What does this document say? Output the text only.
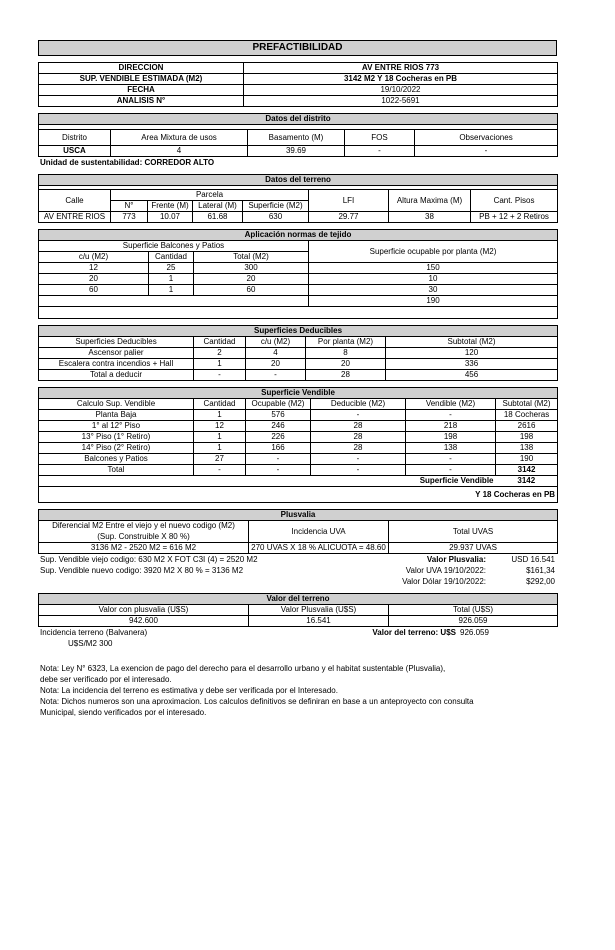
PREFACTIBILIDAD
DIRECCION	AV ENTRE RIOS 773
SUP. VENDIBLE ESTIMADA (M2)	3142 M2 Y 18 Cocheras en PB
FECHA	19/10/2022
ANALISIS N°	1022-5691
Datos del distrito				

Distrito	Area Mixtura de usos	Basamento (M)	FOS	Observaciones
USCA	4	39.69	-	-
Unidad de sustentabilidad: CORREDOR ALTO
Datos del terreno							

Calle	Parcela				LFI	Altura Maxima (M)	Cant. Pisos
	N°	Frente (M)	Lateral (M)	Superficie (M2)			
AV ENTRE RIOS	773	10.07	61.68	630	29.77	38	PB + 12 + 2 Retiros
Aplicación normas de tejido			
Superficie Balcones y Patios			Superficie ocupable por planta (M2)
c/u (M2)	Cantidad	Total (M2)	
12	25	300	150
20	1	20	10
60	1	60	30
			190

Superficies Deducibles				
Superficies Deducibles	Cantidad	c/u (M2)	Por planta (M2)	Subtotal (M2)
Ascensor palier	2	4	8	120
Escalera contra incendios + Hall	1	20	20	336
Total a deducir	-	-	28	456
Superficie Vendible					
Calculo Sup. Vendible	Cantidad	Ocupable (M2)	Deducible (M2)	Vendible (M2)	Subtotal (M2)
Planta Baja	1	576	-	-	18 Cocheras
1° al 12° Piso	12	246	28	218	2616
13° Piso (1° Retiro)	1	226	28	198	198
14° Piso (2° Retiro)	1	166	28	138	138
Balcones y Patios	27	-	-	-	190
Total	-	-	-	-	3142
				Superficie Vendible	3142
				Y 18 Cocheras en PB	
Plusvalia		
Diferencial M2 Entre el viejo y el nuevo codigo (M2)	Incidencia UVA	Total UVAS
(Sup. Construible X 80 %)		
3136 M2 - 2520 M2 = 616 M2	270 UVAS X 18 % ALICUOTA = 48.60	29.937 UVAS
Sup. Vendible viejo codigo: 630 M2 X FOT C3I (4) = 2520 M2	Valor Plusvalia:	USD 16.541
Sup. Vendible nuevo codigo: 3920 M2 X 80 % = 3136 M2	Valor UVA 19/10/2022:	$161,34
	Valor Dólar 19/10/2022:	$292,00
Valor del terreno		
Valor con plusvalia (U$S)	Valor Plusvalia (U$S)	Total (U$S)
942.600	16.541	926.059
Incidencia terreno (Balvanera)	Valor del terreno: U$S	926.059
U$S/M2 300		

Nota: Ley N° 6323, La exencion de pago del derecho para el desarrollo urbano y el habitat sustentable (Plusvalia),
debe ser verificado por el interesado.
Nota: La incidencia del terreno es estimativa y debe ser verificada por el Interesado.
Nota: Dichos numeros son una aproximacion. Los calculos definitivos se definiran en base a un anteproyecto con consulta
Municipal, siendo verificados por el interesado.
